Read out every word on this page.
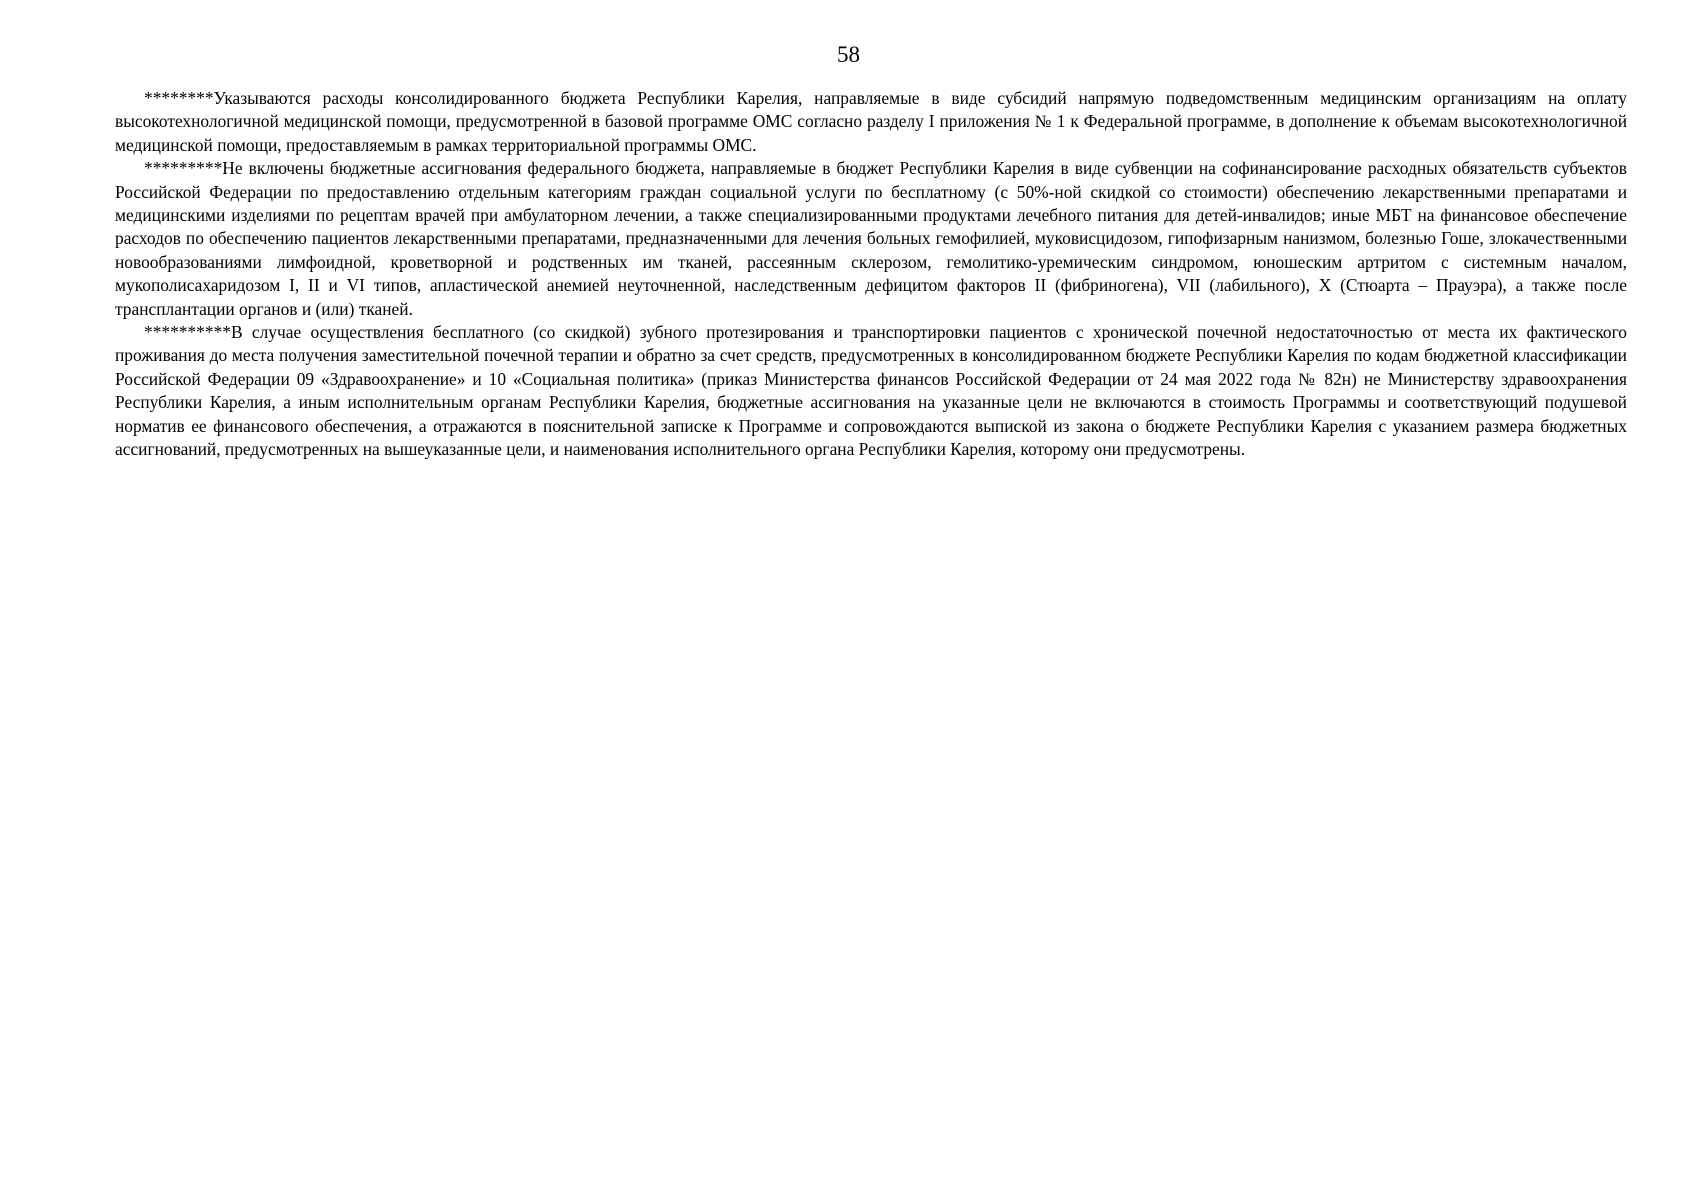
58

********Указываются расходы консолидированного бюджета Республики Карелия, направляемые в виде субсидий напрямую подведомственным медицинским организациям на оплату высокотехнологичной медицинской помощи, предусмотренной в базовой программе ОМС согласно разделу I приложения № 1 к Федеральной программе, в дополнение к объемам высокотехнологичной медицинской помощи, предоставляемым в рамках территориальной программы ОМС.

*********Не включены бюджетные ассигнования федерального бюджета, направляемые в бюджет Республики Карелия в виде субвенции на софинансирование расходных обязательств субъектов Российской Федерации по предоставлению отдельным категориям граждан социальной услуги по бесплатному (с 50%-ной скидкой со стоимости) обеспечению лекарственными препаратами и медицинскими изделиями по рецептам врачей при амбулаторном лечении, а также специализированными продуктами лечебного питания для детей-инвалидов; иные МБТ на финансовое обеспечение расходов по обеспечению пациентов лекарственными препаратами, предназначенными для лечения больных гемофилией, муковисцидозом, гипофизарным нанизмом, болезнью Гоше, злокачественными новообразованиями лимфоидной, кроветворной и родственных им тканей, рассеянным склерозом, гемолитико-уремическим синдромом, юношеским артритом с системным началом, мукополисахаридозом I, II и VI типов, апластической анемией неуточненной, наследственным дефицитом факторов II (фибриногена), VII (лабильного), X (Стюарта – Прауэра), а также после трансплантации органов и (или) тканей.

**********В случае осуществления бесплатного (со скидкой) зубного протезирования и транспортировки пациентов с хронической почечной недостаточностью от места их фактического проживания до места получения заместительной почечной терапии и обратно за счет средств, предусмотренных в консолидированном бюджете Республики Карелия по кодам бюджетной классификации Российской Федерации 09 «Здравоохранение» и 10 «Социальная политика» (приказ Министерства финансов Российской Федерации от 24 мая 2022 года № 82н) не Министерству здравоохранения Республики Карелия, а иным исполнительным органам Республики Карелия, бюджетные ассигнования на указанные цели не включаются в стоимость Программы и соответствующий подушевой норматив ее финансового обеспечения, а отражаются в пояснительной записке к Программе и сопровождаются выпиской из закона о бюджете Республики Карелия с указанием размера бюджетных ассигнований, предусмотренных на вышеуказанные цели, и наименования исполнительного органа Республики Карелия, которому они предусмотрены.
